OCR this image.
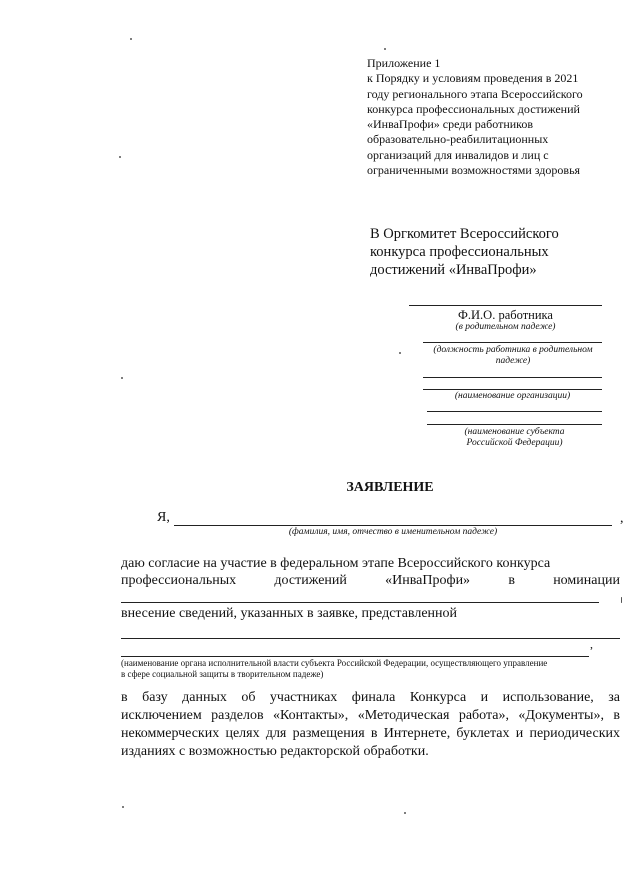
Приложение 1
к Порядку и условиям проведения в 2021
году регионального этапа Всероссийского
конкурса профессиональных достижений
«ИнваПрофи» среди работников
образовательно-реабилитационных
организаций для инвалидов и лиц с
ограниченными возможностями здоровья
В Оргкомитет Всероссийского
конкурса профессиональных
достижений «ИнваПрофи»
Ф.И.О. работника
(в родительном падеже)
(должность работника в родительном
падеже)
(наименование организации)
(наименование субъекта
Российской Федерации)
ЗАЯВЛЕНИЕ
Я,	,
(фамилия, имя, отчество в именительном падеже)
даю согласие на участие в федеральном этапе Всероссийского конкурса
профессиональных	достижений	«ИнваПрофи»	в	номинации
внесение сведений, указанных в заявке, представленной
,
(наименование органа исполнительной власти субъекта Российской Федерации, осуществляющего управление
в сфере социальной защиты в творительном падеже)
в базу данных об участниках финала Конкурса и использование, за
исключением разделов «Контакты», «Методическая работа», «Документы», в
некоммерческих целях для размещения в Интернете, буклетах и периодических
изданиях с возможностью редакторской обработки.
